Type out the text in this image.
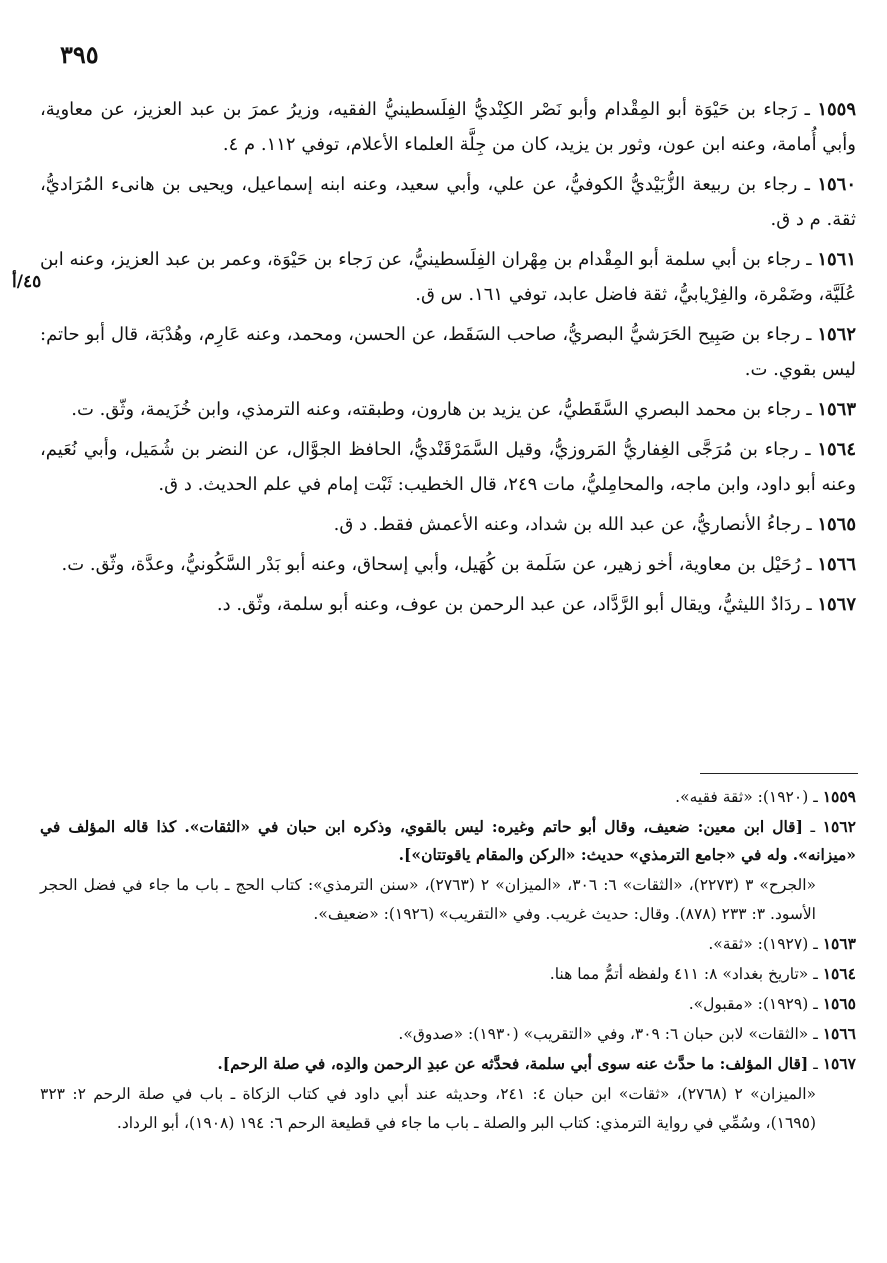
٣٩٥
٤٥/أ

١٥٥٩ ـ رَجاء بن حَيْوَة أبو المِقْدام وأبو نَصْر الكِنْديُّ الفِلَسطينيُّ الفقيه، وزيرُ عمرَ بن عبد العزيز، عن معاوية، وأبي أُمامة، وعنه ابن عون، وثور بن يزيد، كان من جِلَّة العلماء الأعلام، توفي ١١٢. م ٤.

١٥٦٠ ـ رجاء بن ربيعة الزُّبَيْديُّ الكوفيُّ، عن علي، وأبي سعيد، وعنه ابنه إسماعيل، ويحيى بن هانىء المُرَاديُّ، ثقة. م د ق.

١٥٦١ ـ رجاء بن أبي سلمة أبو المِقْدام بن مِهْران الفِلَسطينيُّ، عن رَجاء بن حَيْوَة، وعمر بن عبد العزيز، وعنه ابن عُلَيَّة، وضَمْرة، والفِرْيابيُّ، ثقة فاضل عابد، توفي ١٦١. س ق.

١٥٦٢ ـ رجاء بن صَبِيح الحَرَشيُّ البصريُّ، صاحب السَقَط، عن الحسن، ومحمد، وعنه عَارِم، وهُدْبَة، قال أبو حاتم: ليس بقوي. ت.

١٥٦٣ ـ رجاء بن محمد البصري السَّقَطيُّ، عن يزيد بن هارون، وطبقته، وعنه الترمذي، وابن خُزَيمة، وثّق. ت.

١٥٦٤ ـ رجاء بن مُرَجَّى الغِفاريُّ المَروزيُّ، وقيل السَّمَرْقَنْديُّ، الحافظ الجوَّال، عن النضر بن شُمَيل، وأبي نُعَيم، وعنه أبو داود، وابن ماجه، والمحامِليُّ، مات ٢٤٩، قال الخطيب: ثَبْت إمام في علم الحديث. د ق.

١٥٦٥ ـ رجاءُ الأنصاريُّ، عن عبد الله بن شداد، وعنه الأعمش فقط. د ق.

١٥٦٦ ـ رُحَيْل بن معاوية، أخو زهير، عن سَلَمة بن كُهَيل، وأبي إسحاق، وعنه أبو بَدْر السَّكُونيُّ، وعدَّة، وثّق. ت.

١٥٦٧ ـ ردَادٌ الليثيُّ، ويقال أبو الرَّدَّاد، عن عبد الرحمن بن عوف، وعنه أبو سلمة، وثّق. د.

١٥٥٩ ـ (١٩٢٠): «ثقة فقيه».

١٥٦٢ ـ [قال ابن معين: ضعيف، وقال أبو حاتم وغيره: ليس بالقوي، وذكره ابن حبان في «الثقات». كذا قاله المؤلف في «ميزانه». وله في «جامع الترمذي» حديث: «الركن والمقام ياقوتتان»].

«الجرح» ٣ (٢٢٧٣)، «الثقات» ٦: ٣٠٦، «الميزان» ٢ (٢٧٦٣)، «سنن الترمذي»: كتاب الحج ـ باب ما جاء في فضل الحجر الأسود. ٣: ٢٣٣ (٨٧٨). وقال: حديث غريب. وفي «التقريب» (١٩٢٦): «ضعيف».

١٥٦٣ ـ (١٩٢٧): «ثقة».

١٥٦٤ ـ «تاريخ بغداد» ٨: ٤١١ ولفظه أتمُّ مما هنا.

١٥٦٥ ـ (١٩٢٩): «مقبول».

١٥٦٦ ـ «الثقات» لابن حبان ٦: ٣٠٩، وفي «التقريب» (١٩٣٠): «صدوق».

١٥٦٧ ـ [قال المؤلف: ما حدَّث عنه سوى أبي سلمة، فحدَّثه عن عبدِ الرحمن والدِه، في صلة الرحم].

«الميزان» ٢ (٢٧٦٨)، «ثقات» ابن حبان ٤: ٢٤١، وحديثه عند أبي داود في كتاب الزكاة ـ باب في صلة الرحم ٢: ٣٢٣ (١٦٩٥)، وسُمِّي في رواية الترمذي: كتاب البر والصلة ـ باب ما جاء في قطيعة الرحم ٦: ١٩٤ (١٩٠٨)، أبو الرداد.
